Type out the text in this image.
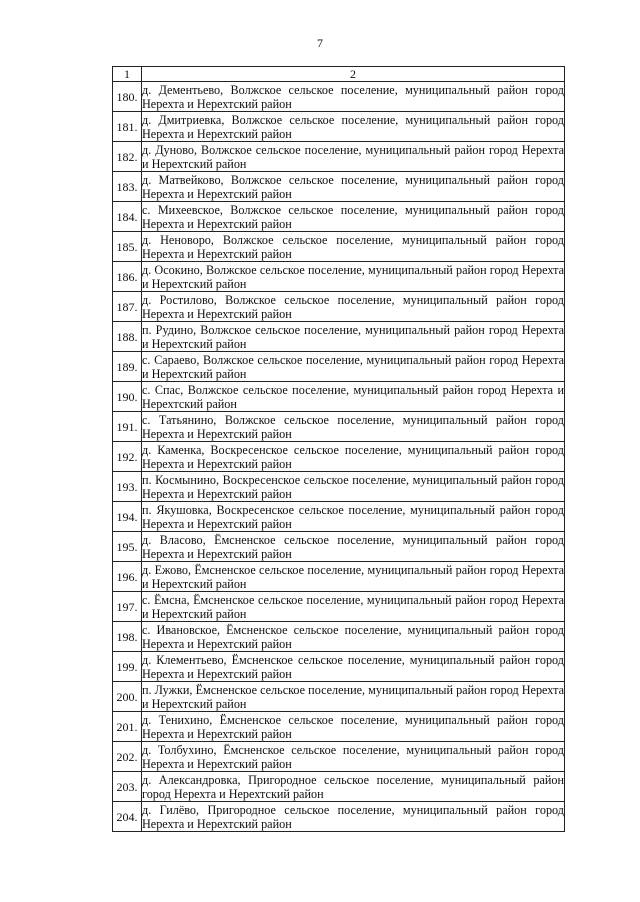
7
1	2
180.	д. Дементьево, Волжское сельское поселение, муниципальный район город Нерехта и Нерехтский район
181.	д. Дмитриевка, Волжское сельское поселение, муниципальный район город Нерехта и Нерехтский район
182.	д. Дуново, Волжское сельское поселение, муниципальный район город Нерехта и Нерехтский район
183.	д. Матвейково, Волжское сельское поселение, муниципальный район город Нерехта и Нерехтский район
184.	с. Михеевское, Волжское сельское поселение, муниципальный район город Нерехта и Нерехтский район
185.	д. Неноворо, Волжское сельское поселение, муниципальный район город Нерехта и Нерехтский район
186.	д. Осокино, Волжское сельское поселение, муниципальный район город Нерехта и Нерехтский район
187.	д. Ростилово, Волжское сельское поселение, муниципальный район город Нерехта и Нерехтский район
188.	п. Рудино, Волжское сельское поселение, муниципальный район город Нерехта и Нерехтский район
189.	с. Сараево, Волжское сельское поселение, муниципальный район город Нерехта и Нерехтский район
190.	с. Спас, Волжское сельское поселение, муниципальный район город Нерехта и Нерехтский район
191.	с. Татьянино, Волжское сельское поселение, муниципальный район город Нерехта и Нерехтский район
192.	д. Каменка, Воскресенское сельское поселение, муниципальный район город Нерехта и Нерехтский район
193.	п. Космынино, Воскресенское сельское поселение, муниципальный район город Нерехта и Нерехтский район
194.	п. Якушовка, Воскресенское сельское поселение, муниципальный район город Нерехта и Нерехтский район
195.	д. Власово, Ёмсненское сельское поселение, муниципальный район город Нерехта и Нерехтский район
196.	д. Ежово, Ёмсненское сельское поселение, муниципальный район город Нерехта и Нерехтский район
197.	с. Ёмсна, Ёмсненское сельское поселение, муниципальный район город Нерехта и Нерехтский район
198.	с. Ивановское, Ёмсненское сельское поселение, муниципальный район город Нерехта и Нерехтский район
199.	д. Клементьево, Ёмсненское сельское поселение, муниципальный район город Нерехта и Нерехтский район
200.	п. Лужки, Ёмсненское сельское поселение, муниципальный район город Нерехта и Нерехтский район
201.	д. Тенихино, Ёмсненское сельское поселение, муниципальный район город Нерехта и Нерехтский район
202.	д. Толбухино, Ёмсненское сельское поселение, муниципальный район город Нерехта и Нерехтский район
203.	д. Александровка, Пригородное сельское поселение, муниципальный район город Нерехта и Нерехтский район
204.	д. Гилёво, Пригородное сельское поселение, муниципальный район город Нерехта и Нерехтский район
